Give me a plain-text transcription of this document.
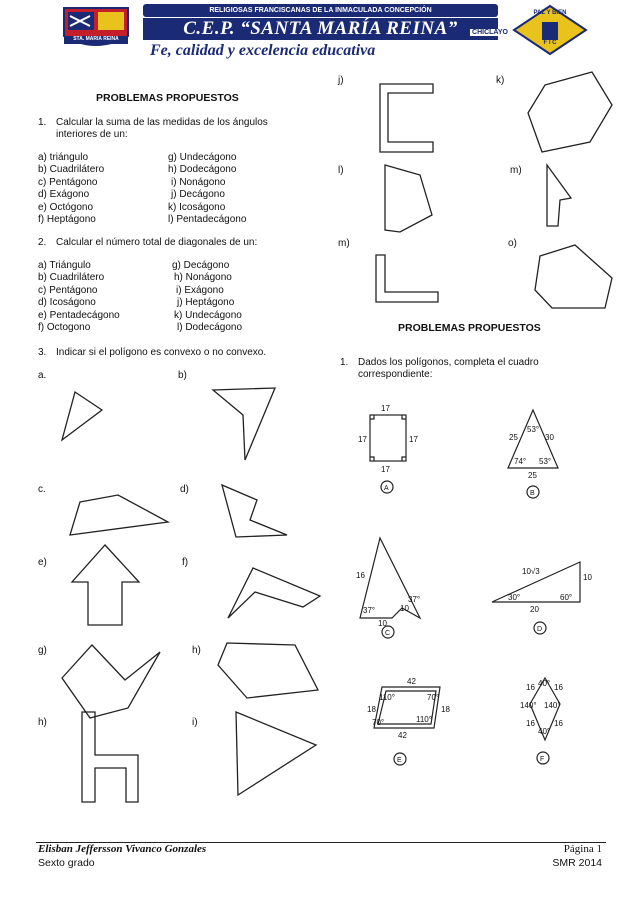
STA. MARIA REINA
RELIGIOSAS FRANCISCANAS DE LA INMACULADA CONCEPCIÓN
C.E.P. “SANTA MARÍA REINA”
Fe, calidad y excelencia educativa
CHICLAYO
PAZ Y BIEN
F I C
PROBLEMAS PROPUESTOS
1. Calcular la suma de las medidas de los ángulos
interiores de un:
a) triángulo
b) Cuadrilátero
c) Pentágono
d) Exágono
e) Octógono
f) Heptágono
g) Undecágono
h) Dodecágono
i) Nonágono
j) Decágono
k) Icoságono
l) Pentadecágono
2. Calcular el número total de diagonales de un:
a) Triángulo
b) Cuadrilátero
c) Pentágono
d) Icoságono
e) Pentadecágono
f) Octogono
g) Decágono
h) Nonágono
i) Exágono
j) Heptágono
k) Undecágono
l) Dodecágono
3. Indicar si el polígono es convexo o no convexo.
a.	b)
c.	d)
e)	f)
g)	h)
h)	i)
j)	k)
l)	m)
m)	o)
PROBLEMAS PROPUESTOS
1. Dados los polígonos, completa el cuadro
correspondiente:
17
17	17
17
A
53°
25	30
74° 53°
25
B
16
37°
37°
10
10
C
10√3
10
30°	60°
20
D
42
110°	70°
18	18
70°	110°
42
E
16 40° 16
140° 140°
16
40°
16
F
Elisban Jeffersson Vivanco Gonzales	Página 1
Sexto grado	SMR 2014
